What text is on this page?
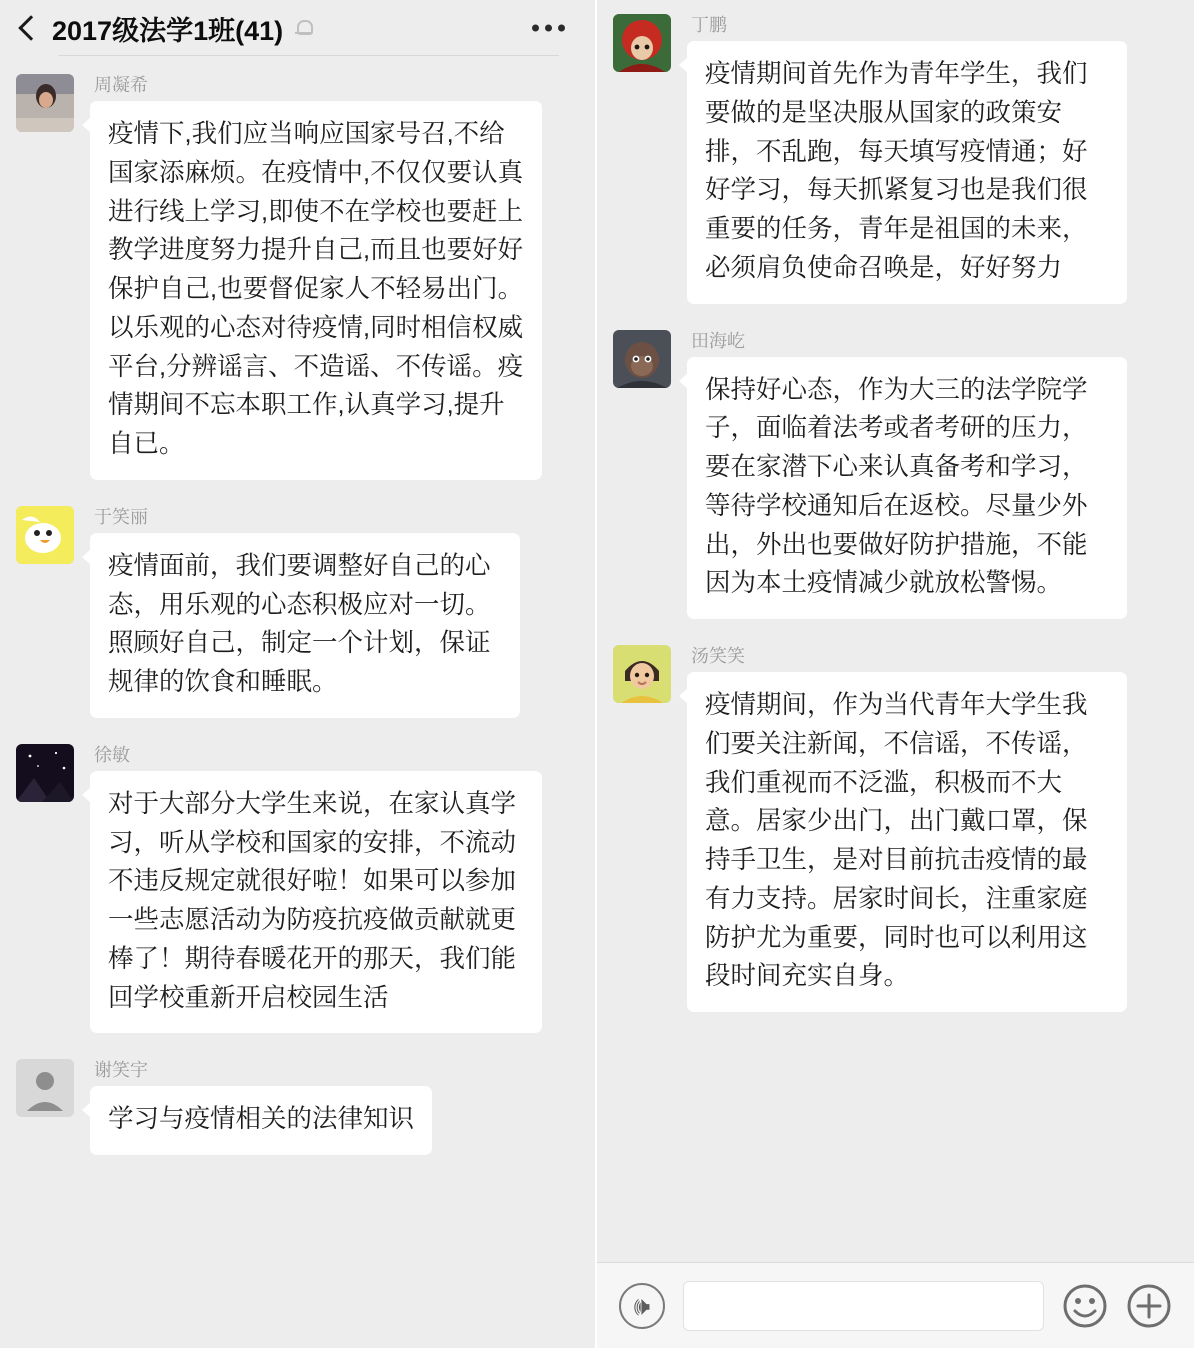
2017级法学1班(41)
周凝希
疫情下,我们应当响应国家号召,不给国家添麻烦。在疫情中,不仅仅要认真进行线上学习,即使不在学校也要赶上教学进度努力提升自己,而且也要好好保护自己,也要督促家人不轻易出门。以乐观的心态对待疫情,同时相信权威平台,分辨谣言、不造谣、不传谣。疫情期间不忘本职工作,认真学习,提升自已。
于笑丽
疫情面前，我们要调整好自己的心态，用乐观的心态积极应对一切。照顾好自己，制定一个计划，保证规律的饮食和睡眠。
徐敏
对于大部分大学生来说，在家认真学习，听从学校和国家的安排，不流动不违反规定就很好啦！如果可以参加一些志愿活动为防疫抗疫做贡献就更棒了！期待春暖花开的那天，我们能回学校重新开启校园生活
谢笑宇
学习与疫情相关的法律知识
丁鹏
疫情期间首先作为青年学生，我们要做的是坚决服从国家的政策安排，不乱跑，每天填写疫情通；好好学习，每天抓紧复习也是我们很重要的任务，青年是祖国的未来，必须肩负使命召唤是，好好努力
田海屹
保持好心态，作为大三的法学院学子，面临着法考或者考研的压力，要在家潜下心来认真备考和学习，等待学校通知后在返校。尽量少外出，外出也要做好防护措施，不能因为本土疫情减少就放松警惕。
汤笑笑
疫情期间，作为当代青年大学生我们要关注新闻，不信谣，不传谣，我们重视而不泛滥，积极而不大意。居家少出门，出门戴口罩，保持手卫生，是对目前抗击疫情的最有力支持。居家时间长，注重家庭防护尤为重要，同时也可以利用这段时间充实自身。
🕪
